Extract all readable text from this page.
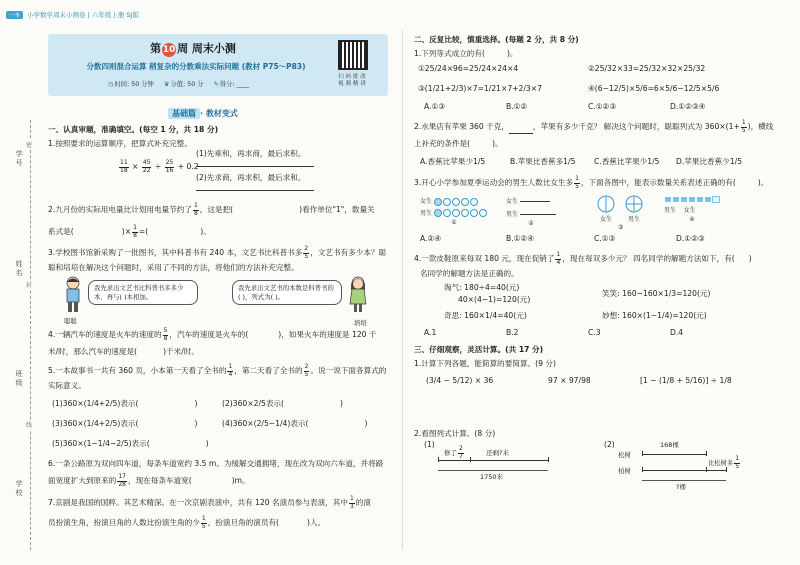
一本	小学数学周末小测卷 | 六年级上册 SJ版
学号
姓名
班级
学校
封
线
密
第 10 周 周末小测
分数四则混合运算 稍复杂的分数乘法实际问题 (教材 P75～P83)
◷时间: 50 分钟 ♛分值: 50 分 ✎得分: ____
扫 码 批 改
视 频 精 讲
基础篇 · 教材变式
一、认真审题，准确填空。(每空 1 分，共 18 分)
1.按照要求的运算顺序，把算式补充完整。
$\frac{11}{18} \times \frac{45}{22} \div \frac{25}{16} + 0.2$
(1)先乘和，再求商，最后求积。
(2)先求商，再求积，最后求和。
2.九月份的实际用电量比计划用电量节约了 $\frac{1}{8}$ ，这是把(	)看作单位"1"，数量关
系式是(	)× $\frac{1}{8}$ =(	)。
3.学校图书馆新采购了一批图书，其中科普书有 240 本，文艺书比科普书多 $\frac{2}{5}$ ，文艺书有多少本？聪
聪和培培在解决这个问题时，采用了不同的方法，将他们的方法补充完整。
我先求出文艺书比科普书多多少本，再与( )本相加。
聪聪
我先求出文艺书的本数是科普书的( )，列式为( )。
培培
4.一辆汽车的速度是火车的速度的 $\frac{5}{8}$ ，汽车的速度是火车的(	)，如果火车的速度是 120 千
米/时，那么汽车的速度是(	)千米/时。
5.一本故事书一共有 360 页，小本第一天看了全书的 $\frac{1}{4}$ ，第二天看了全书的 $\frac{2}{5}$ 。说一说下面各算式的
实际意义。
(1)360×(1/4+2/5)表示(	)	(2)360×2/5表示(	)
(3)360×(1/4+2/5)表示(	)	(4)360×(2/5−1/4)表示(	)
(5)360×(1−1/4−2/5)表示(	)
6.一条公路原为双向四车道，每条车道宽约 3.5 m。为缓解交通拥堵，现在改为双向六车道，并将路
面宽度扩大到原来的 $\frac{17}{28}$ ，现在每条车道宽(	)m。
7.京剧是我国的国粹。其艺术精深。在一次京剧表演中，共有 120 名演员参与表演，其中 $\frac{1}{3}$ 的演
员扮演生角，扮演旦角的人数比扮演生角的少 $\frac{1}{5}$ ，扮演旦角的演员有(	)人。
二、反复比较，慎重选择。(每题 2 分，共 8 分)
1.下列等式成立的有(	)。
①25/24×96=25/24×24×4	②25/32×33=25/32×32×25/32
③(1/21+2/3)×7=1/21×7+2/3×7	④(6−12/5)×5/6=6×5/6−12/5×5/6
A.①③	B.①②	C.①②③	D.①②③④
2.水果店有苹果 360 千克，	，苹果有多少千克？ 解决这个问题时，聪聪列式为 $360\times(1+ \frac{1}{5}$ )，横线
上补充的条件是(	)。
A.香蕉比苹果少1/5	B.苹果比香蕉多1/5 C.香蕉比苹果少1/5 D.苹果比香蕉少1/5
3.开心小学参加夏季运动会的男生人数比女生多 $\frac{1}{5}$ ，下面各图中，能表示数量关系表述正确的有(	)。
女生
男生
①
女生
男生
②
女生	男生
③
男生 女生
④
A.②④	B.①②④	C.①③	D.①②③
4.一款皮鞋原来每双 180 元，现在促销了 $\frac{1}{4}$ ，现在每双多少元？ 四名同学的解题方法如下，有( )
名同学的解题方法是正确的。
淘气: 180÷4=40(元)
40×(4−1)=120(元)
笑笑: 160−160×1/3=120(元)
奇思: 160×1/4=40(元)	妙想: 160×(1−1/4)=120(元)
A.1	B.2	C.3	D.4
三、仔细观察，灵活计算。(共 17 分)
1.计算下列各题，能简算的要简算。(9 分)
(3/4 − 5/12) × 36	97 × 97/98	[1 − (1/8 + 5/16)] ÷ 1/8
2.看图列式计算。(8 分)
(1)
修了 $\frac{2}{7}$	还剩?米
1750米
(2)	168棵
松树
柏树
比松树多 $\frac{1}{5}$
?棵
